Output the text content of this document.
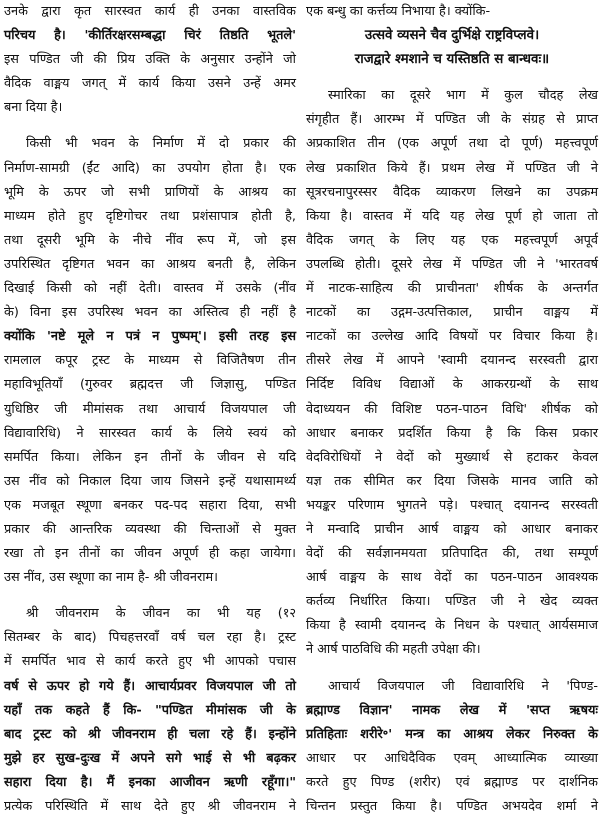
उनके द्वारा कृत सारस्वत कार्य ही उनका वास्तविक
परिचय है। 'कीर्तिरक्षरसम्बद्धा चिरं तिष्ठति भूतले'
इस पण्डित जी की प्रिय उक्ति के अनुसार उन्होंने जो
वैदिक वाङ्मय जगत् में कार्य किया उसने उन्हें अमर
बना दिया है।
किसी भी भवन के निर्माण में दो प्रकार की
निर्माण-सामग्री (ईंट आदि) का उपयोग होता है। एक
भूमि के ऊपर जो सभी प्राणियों के आश्रय का
माध्यम होते हुए दृष्टिगोचर तथा प्रशंसापात्र होती है,
तथा दूसरी भूमि के नीचे नींव रूप में, जो इस
उपरिस्थित दृष्टिगत भवन का आश्रय बनती है, लेकिन
दिखाई किसी को नहीं देती। वास्तव में उसके (नींव
के) विना इस उपरिस्थ भवन का अस्तित्व ही नहीं है
क्योंकि 'नष्टे मूले न पत्रं न पुष्पम्'। इसी तरह इस
रामलाल कपूर ट्रस्ट के माध्यम से विजितैषण तीन
महाविभूतियाँ (गुरुवर ब्रह्मदत्त जी जिज्ञासु, पण्डित
युधिष्ठिर जी मीमांसक तथा आचार्य विजयपाल जी
विद्यावारिधि) ने सारस्वत कार्य के लिये स्वयं को
समर्पित किया। लेकिन इन तीनों के जीवन से यदि
उस नींव को निकाल दिया जाय जिसने इन्हें यथासामर्थ्य
एक मजबूत स्थूणा बनकर पद-पद सहारा दिया, सभी
प्रकार की आन्तरिक व्यवस्था की चिन्ताओं से मुक्त
रखा तो इन तीनों का जीवन अपूर्ण ही कहा जायेगा।
उस नींव, उस स्थूणा का नाम है- श्री जीवनराम।
श्री जीवनराम के जीवन का भी यह (१२
सितम्बर के बाद) पिचहत्तरवाँ वर्ष चल रहा है। ट्रस्ट
में समर्पित भाव से कार्य करते हुए भी आपको पचास
वर्ष से ऊपर हो गये हैं। आचार्यप्रवर विजयपाल जी तो
यहाँ तक कहते हैं कि- "पण्डित मीमांसक जी के
बाद ट्रस्ट को श्री जीवनराम ही चला रहे हैं। इन्होंने
मुझे हर सुख-दुःख में अपने सगे भाई से भी बढ़कर
सहारा दिया है। मैं इनका आजीवन ऋणी रहूँगा।"
प्रत्येक परिस्थिति में साथ देते हुए श्री जीवनराम ने
एक बन्धु का कर्त्तव्य निभाया है। क्योंकि-
उत्सवे व्यसने चैव दुर्भिक्षे राष्ट्रविप्लवे।
राजद्वारे श्मशाने च यस्तिष्ठति स बान्धवः॥
स्मारिका का दूसरे भाग में कुल चौदह लेख
संगृहीत हैं। आरम्भ में पण्डित जी के संग्रह से प्राप्त
अप्रकाशित तीन (एक अपूर्ण तथा दो पूर्ण) महत्त्वपूर्ण
लेख प्रकाशित किये हैं। प्रथम लेख में पण्डित जी ने
सूत्ररचनापुरस्सर वैदिक व्याकरण लिखने का उपक्रम
किया है। वास्तव में यदि यह लेख पूर्ण हो जाता तो
वैदिक जगत् के लिए यह एक महत्त्वपूर्ण अपूर्व
उपलब्धि होती। दूसरे लेख में पण्डित जी ने 'भारतवर्ष
में नाटक-साहित्य की प्राचीनता' शीर्षक के अन्तर्गत
नाटकों का उद्गम-उत्पत्तिकाल, प्राचीन वाङ्मय में
नाटकों का उल्लेख आदि विषयों पर विचार किया है।
तीसरे लेख में आपने 'स्वामी दयानन्द सरस्वती द्वारा
निर्दिष्ट विविध विद्याओं के आकरग्रन्थों के साथ
वेदाध्ययन की विशिष्ट पठन-पाठन विधि' शीर्षक को
आधार बनाकर प्रदर्शित किया है कि किस प्रकार
वेदविरोधियों ने वेदों को मुख्यार्थ से हटाकर केवल
यज्ञ तक सीमित कर दिया जिसके मानव जाति को
भयङ्कर परिणाम भुगतने पड़े। पश्चात् दयानन्द सरस्वती
ने मन्वादि प्राचीन आर्ष वाङ्मय को आधार बनाकर
वेदों की सर्वज्ञानमयता प्रतिपादित की, तथा सम्पूर्ण
आर्ष वाङ्मय के साथ वेदों का पठन-पाठन आवश्यक
कर्तव्य निर्धारित किया। पण्डित जी ने खेद व्यक्त
किया है स्वामी दयानन्द के निधन के पश्चात् आर्यसमाज
ने आर्ष पाठविधि की महती उपेक्षा की।
आचार्य विजयपाल जी विद्यावारिधि ने 'पिण्ड-
ब्रह्माण्ड विज्ञान' नामक लेख में 'सप्त ऋषयः
प्रतिहिताः शरीरे॰' मन्त्र का आश्रय लेकर निरुक्त के
आधार पर आधिदैविक एवम् आध्यात्मिक व्याख्या
करते हुए पिण्ड (शरीर) एवं ब्रह्माण्ड पर दार्शनिक
चिन्तन प्रस्तुत किया है। पण्डित अभयदेव शर्मा ने
